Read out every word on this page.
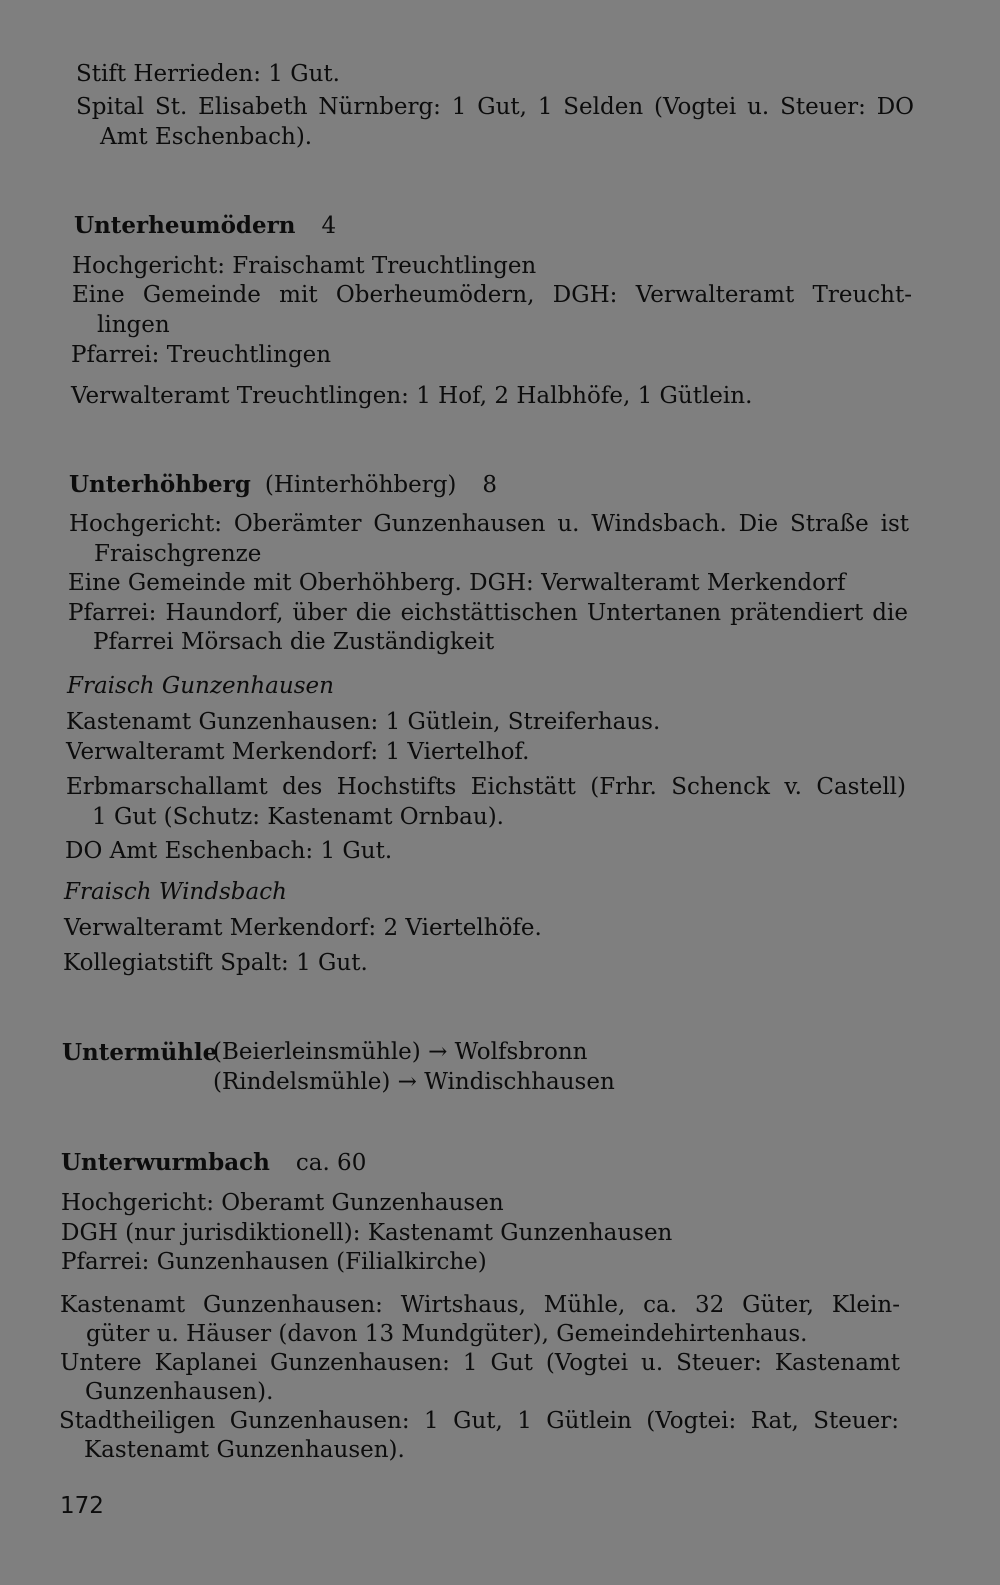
Stift Herrieden: 1 Gut.
Spital St. Elisabeth Nürnberg: 1 Gut, 1 Selden (Vogtei u. Steuer: DO
Amt Eschenbach).
Unterheumödern 4
Hochgericht: Fraischamt Treuchtlingen
Eine Gemeinde mit Oberheumödern, DGH: Verwalteramt Treucht-
lingen
Pfarrei: Treuchtlingen
Verwalteramt Treuchtlingen: 1 Hof, 2 Halbhöfe, 1 Gütlein.
Unterhöhberg (Hinterhöhberg) 8
Hochgericht: Oberämter Gunzenhausen u. Windsbach. Die Straße ist
Fraischgrenze
Eine Gemeinde mit Oberhöhberg. DGH: Verwalteramt Merkendorf
Pfarrei: Haundorf, über die eichstättischen Untertanen prätendiert die
Pfarrei Mörsach die Zuständigkeit
Fraisch Gunzenhausen
Kastenamt Gunzenhausen: 1 Gütlein, Streiferhaus.
Verwalteramt Merkendorf: 1 Viertelhof.
Erbmarschallamt des Hochstifts Eichstätt (Frhr. Schenck v. Castell)
1 Gut (Schutz: Kastenamt Ornbau).
DO Amt Eschenbach: 1 Gut.
Fraisch Windsbach
Verwalteramt Merkendorf: 2 Viertelhöfe.
Kollegiatstift Spalt: 1 Gut.
Untermühle
(Beierleinsmühle) → Wolfsbronn
(Rindelsmühle) → Windischhausen
Unterwurmbach ca. 60
Hochgericht: Oberamt Gunzenhausen
DGH (nur jurisdiktionell): Kastenamt Gunzenhausen
Pfarrei: Gunzenhausen (Filialkirche)
Kastenamt Gunzenhausen: Wirtshaus, Mühle, ca. 32 Güter, Klein-
güter u. Häuser (davon 13 Mundgüter), Gemeindehirtenhaus.
Untere Kaplanei Gunzenhausen: 1 Gut (Vogtei u. Steuer: Kastenamt
Gunzenhausen).
Stadtheiligen Gunzenhausen: 1 Gut, 1 Gütlein (Vogtei: Rat, Steuer:
Kastenamt Gunzenhausen).
172
